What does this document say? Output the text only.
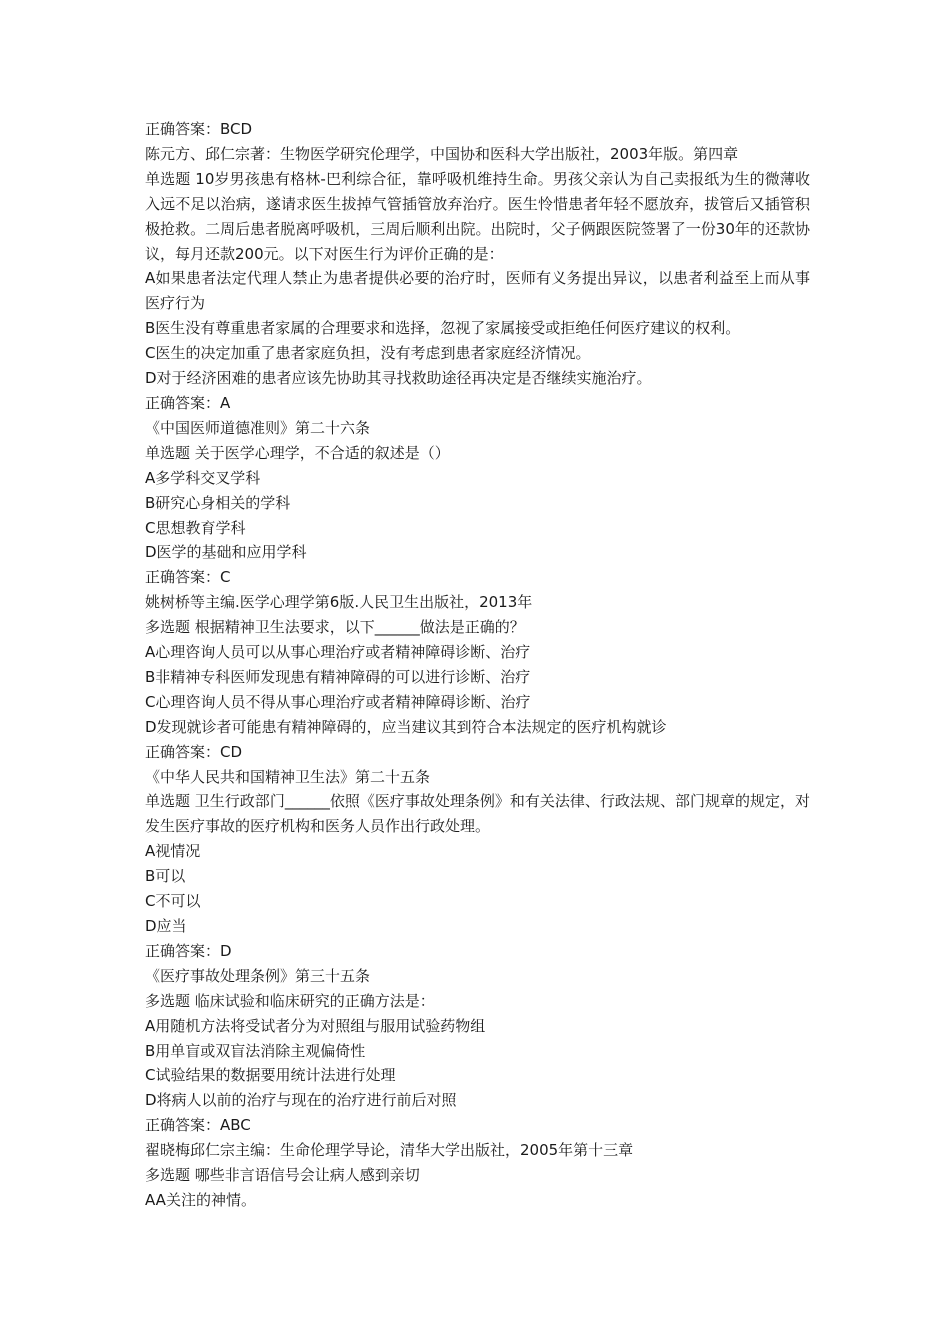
正确答案：BCD

陈元方、邱仁宗著：生物医学研究伦理学，中国协和医科大学出版社，2003年版。第四章

单选题 10岁男孩患有格林-巴利综合征，靠呼吸机维持生命。男孩父亲认为自己卖报纸为生的微薄收入远不足以治病，遂请求医生拔掉气管插管放弃治疗。医生怜惜患者年轻不愿放弃，拔管后又插管积极抢救。二周后患者脱离呼吸机，三周后顺利出院。出院时，父子俩跟医院签署了一份30年的还款协议，每月还款200元。以下对医生行为评价正确的是：

A如果患者法定代理人禁止为患者提供必要的治疗时，医师有义务提出异议，以患者利益至上而从事医疗行为

B医生没有尊重患者家属的合理要求和选择，忽视了家属接受或拒绝任何医疗建议的权利。

C医生的决定加重了患者家庭负担，没有考虑到患者家庭经济情况。

D对于经济困难的患者应该先协助其寻找救助途径再决定是否继续实施治疗。

正确答案：A

《中国医师道德准则》第二十六条

单选题 关于医学心理学，不合适的叙述是（）

A多学科交叉学科

B研究心身相关的学科

C思想教育学科

D医学的基础和应用学科

正确答案：C

姚树桥等主编.医学心理学第6版.人民卫生出版社，2013年

多选题 根据精神卫生法要求，以下______做法是正确的？

A心理咨询人员可以从事心理治疗或者精神障碍诊断、治疗

B非精神专科医师发现患有精神障碍的可以进行诊断、治疗

C心理咨询人员不得从事心理治疗或者精神障碍诊断、治疗

D发现就诊者可能患有精神障碍的，应当建议其到符合本法规定的医疗机构就诊

正确答案：CD

《中华人民共和国精神卫生法》第二十五条

单选题 卫生行政部门______依照《医疗事故处理条例》和有关法律、行政法规、部门规章的规定，对发生医疗事故的医疗机构和医务人员作出行政处理。

A视情况

B可以

C不可以

D应当

正确答案：D

《医疗事故处理条例》第三十五条

多选题 临床试验和临床研究的正确方法是：

A用随机方法将受试者分为对照组与服用试验药物组

B用单盲或双盲法消除主观偏倚性

C试验结果的数据要用统计法进行处理

D将病人以前的治疗与现在的治疗进行前后对照

正确答案：ABC

翟晓梅邱仁宗主编：生命伦理学导论，清华大学出版社，2005年第十三章

多选题 哪些非言语信号会让病人感到亲切

AA关注的神情。
